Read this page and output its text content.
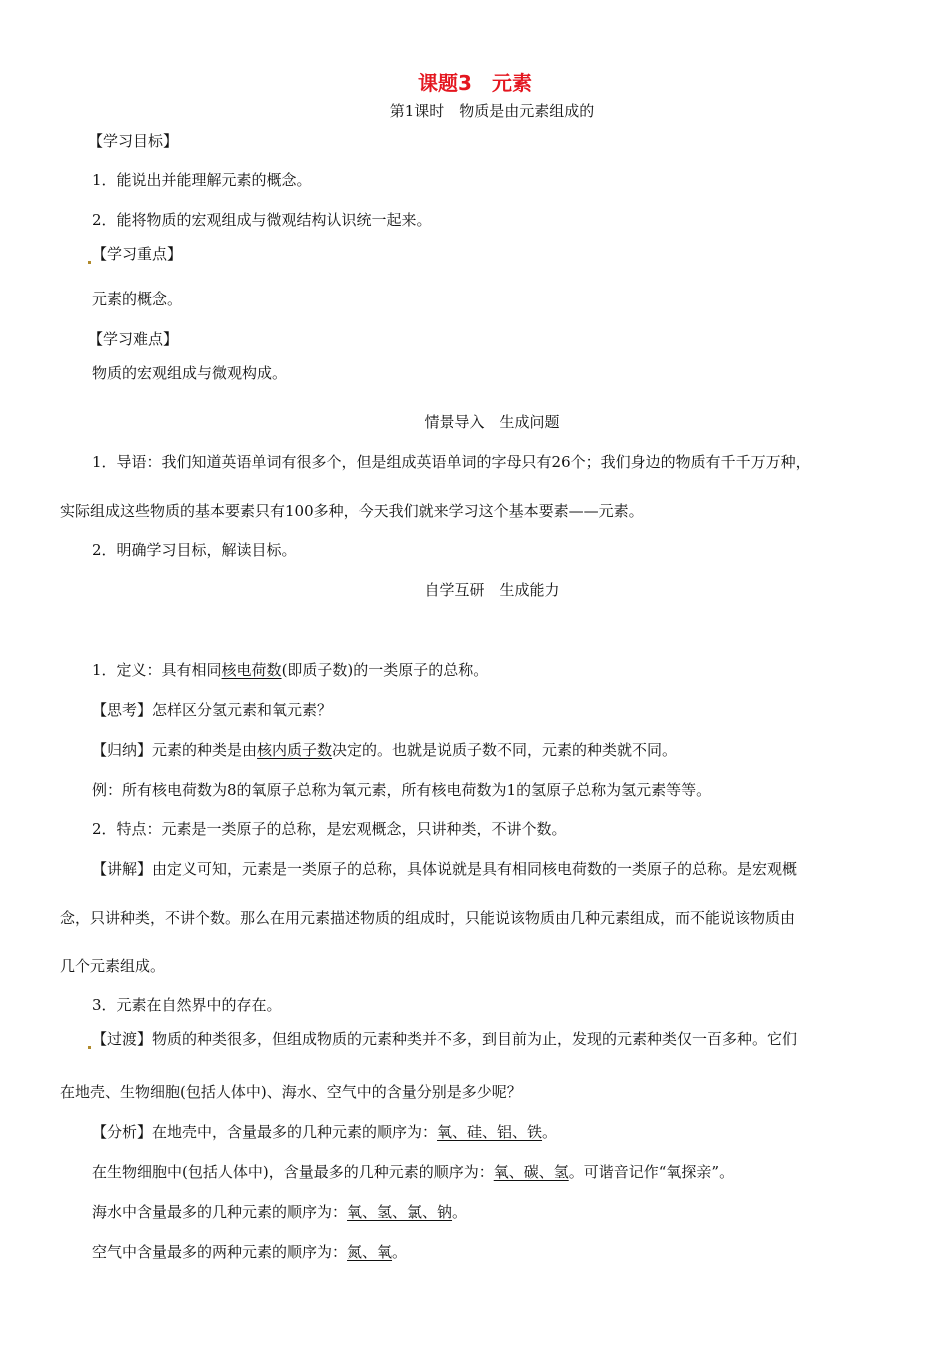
课题3　元素
第1课时　物质是由元素组成的
【学习目标】
1．能说出并能理解元素的概念。
2．能将物质的宏观组成与微观结构认识统一起来。
【学习重点】
元素的概念。
【学习难点】
物质的宏观组成与微观构成。
情景导入　生成问题
1．导语：我们知道英语单词有很多个，但是组成英语单词的字母只有26个；我们身边的物质有千千万万种，
实际组成这些物质的基本要素只有100多种，今天我们就来学习这个基本要素——元素。
2．明确学习目标，解读目标。
自学互研　生成能力
1．定义：具有相同核电荷数(即质子数)的一类原子的总称。
【思考】怎样区分氢元素和氧元素？
【归纳】元素的种类是由核内质子数决定的。也就是说质子数不同，元素的种类就不同。
例：所有核电荷数为8的氧原子总称为氧元素，所有核电荷数为1的氢原子总称为氢元素等等。
2．特点：元素是一类原子的总称，是宏观概念，只讲种类，不讲个数。
【讲解】由定义可知，元素是一类原子的总称，具体说就是具有相同核电荷数的一类原子的总称。是宏观概
念，只讲种类，不讲个数。那么在用元素描述物质的组成时，只能说该物质由几种元素组成，而不能说该物质由
几个元素组成。
3．元素在自然界中的存在。
【过渡】物质的种类很多，但组成物质的元素种类并不多，到目前为止，发现的元素种类仅一百多种。它们
在地壳、生物细胞(包括人体中)、海水、空气中的含量分别是多少呢？
【分析】在地壳中，含量最多的几种元素的顺序为：氧、硅、铝、铁。
在生物细胞中(包括人体中)，含量最多的几种元素的顺序为：氧、碳、氢。可谐音记作“氧探亲”。
海水中含量最多的几种元素的顺序为：氧、氢、氯、钠。
空气中含量最多的两种元素的顺序为：氮、氧。
